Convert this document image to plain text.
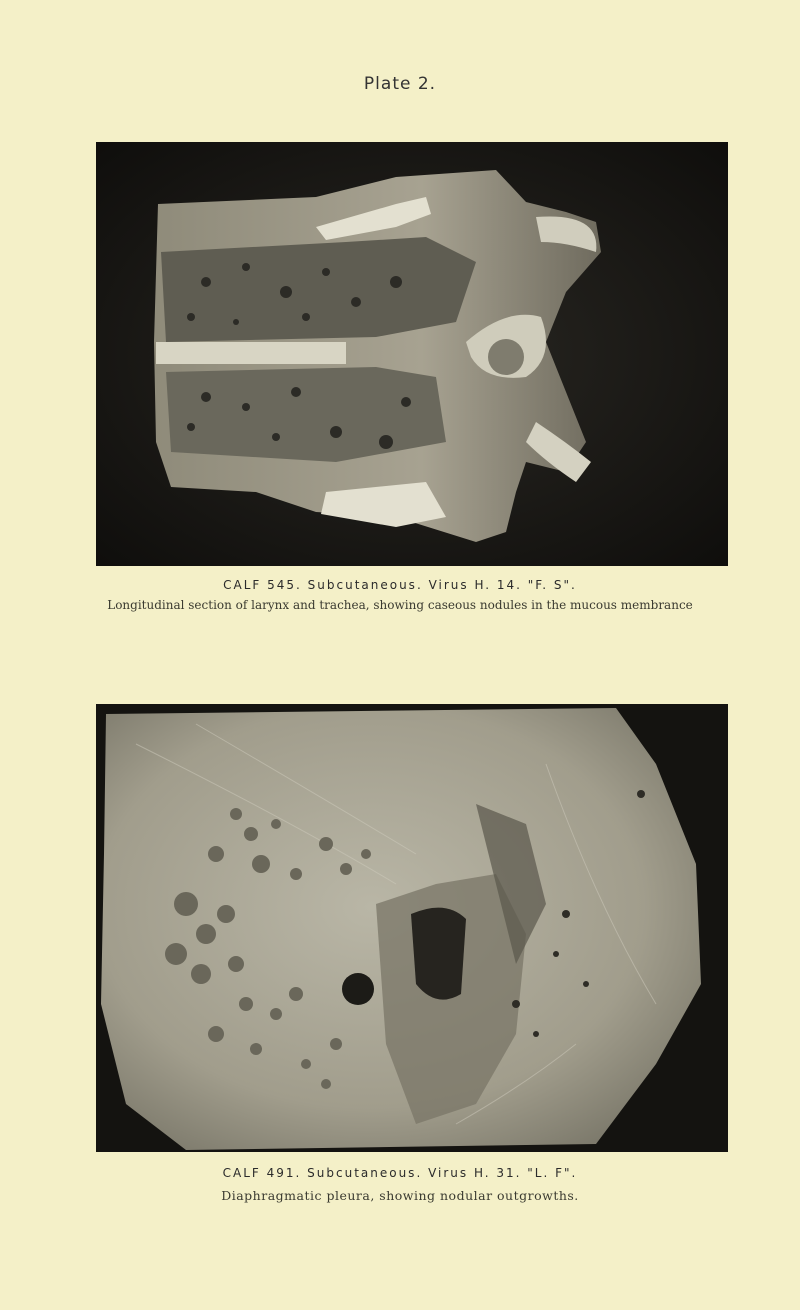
Plate 2.
CALF 545. Subcutaneous. Virus H. 14. "F. S".
Longitudinal section of larynx and trachea, showing caseous nodules in the mucous membrance
CALF 491. Subcutaneous. Virus H. 31. "L. F".
Diaphragmatic pleura, showing nodular outgrowths.
